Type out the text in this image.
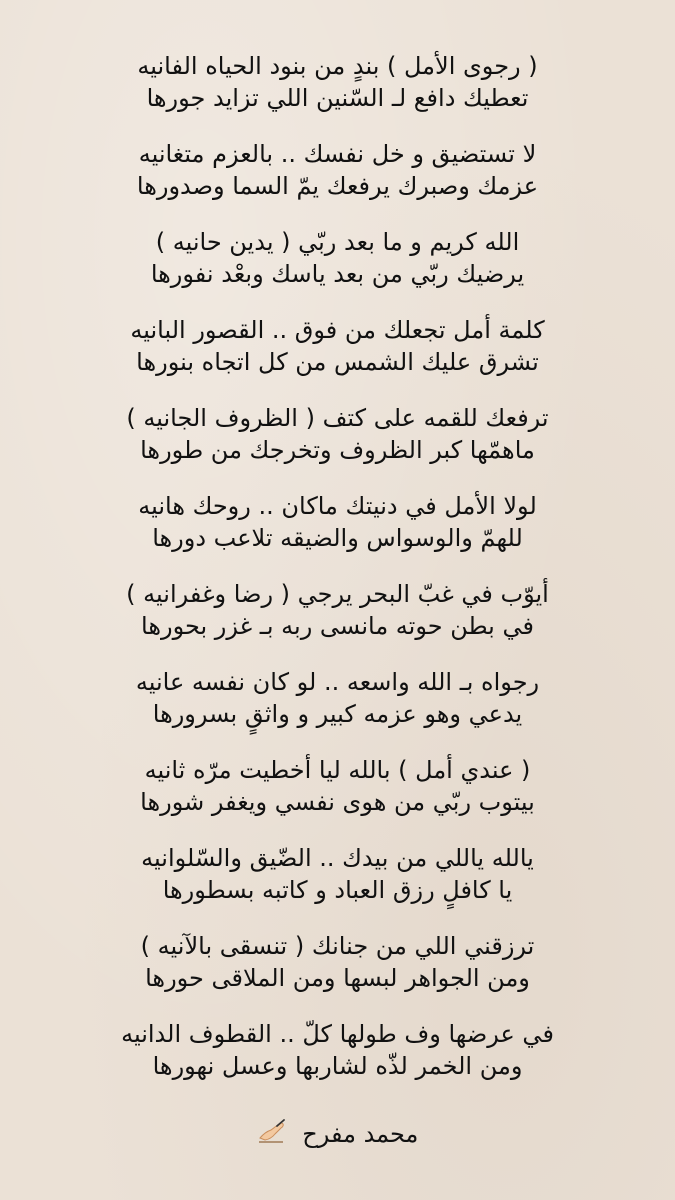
( رجوى الأمل ) بندٍ من بنود الحياه الفانيه
تعطيك دافع لـ السّنين اللي تزايد جورها
لا تستضيق و خل نفسك .. بالعزم متغانيه
عزمك وصبرك يرفعك يمّ السما وصدورها
الله كريم و ما بعد ربّي ( يدين حانيه )
يرضيك ربّي من بعد ياسك وبعْد نفورها
كلمة أمل تجعلك من فوق .. القصور البانيه
تشرق عليك الشمس من كل اتجاه بنورها
ترفعك للقمه على كتف ( الظروف الجانيه )
ماهمّها كبر الظروف وتخرجك من طورها
لولا الأمل في دنيتك ماكان .. روحك هانيه
للهمّ والوسواس والضيقه تلاعب دورها
أيوّب في غبّ البحر يرجي ( رضا وغفرانيه )
في بطن حوته مانسى ربه بـ غزر بحورها
رجواه بـ الله واسعه .. لو كان نفسه عانيه
يدعي وهو عزمه كبير و واثقٍ بسرورها
( عندي أمل ) بالله ليا أخطيت مرّه ثانيه
بيتوب ربّي من هوى نفسي ويغفر شورها
يالله ياللي من بيدك .. الضّيق والسّلوانيه
يا كافلٍ رزق العباد و كاتبه بسطورها
ترزقني اللي من جنانك ( تنسقى بالآنيه )
ومن الجواهر لبسها ومن الملاقى حورها
في عرضها وف طولها كلّ .. القطوف الدانيه
ومن الخمر لذّه لشاربها وعسل نهورها
محمد مفرح
